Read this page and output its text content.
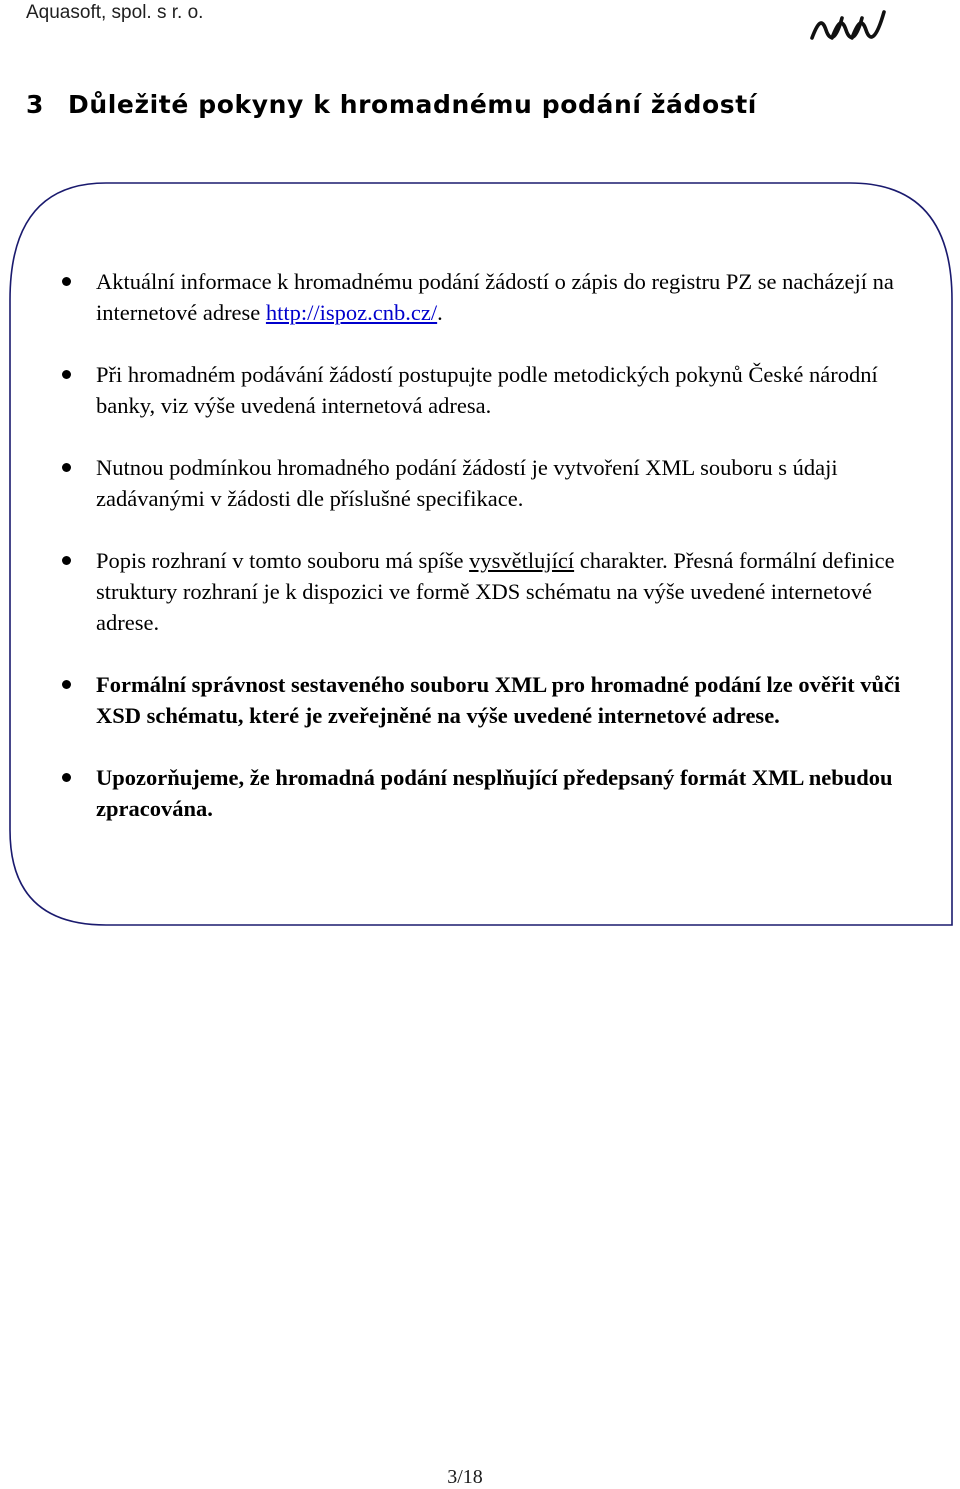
Aquasoft, spol. s r. o.
3 Důležité pokyny k hromadnému podání žádostí
Aktuální informace k hromadnému podání žádostí o zápis do registru PZ se nacházejí na internetové adrese http://ispoz.cnb.cz/.
Při hromadném podávání žádostí postupujte podle metodických pokynů České národní banky, viz výše uvedená internetová adresa.
Nutnou podmínkou hromadného podání žádostí je vytvoření XML souboru s údaji zadávanými v žádosti dle příslušné specifikace.
Popis rozhraní v tomto souboru má spíše vysvětlující charakter. Přesná formální definice struktury rozhraní je k dispozici ve formě XDS schématu na výše uvedené internetové adrese.
Formální správnost sestaveného souboru XML pro hromadné podání lze ověřit vůči XSD schématu, které je zveřejněné na výše uvedené internetové adrese.
Upozorňujeme, že hromadná podání nesplňující předepsaný formát XML nebudou zpracována.
3/18
